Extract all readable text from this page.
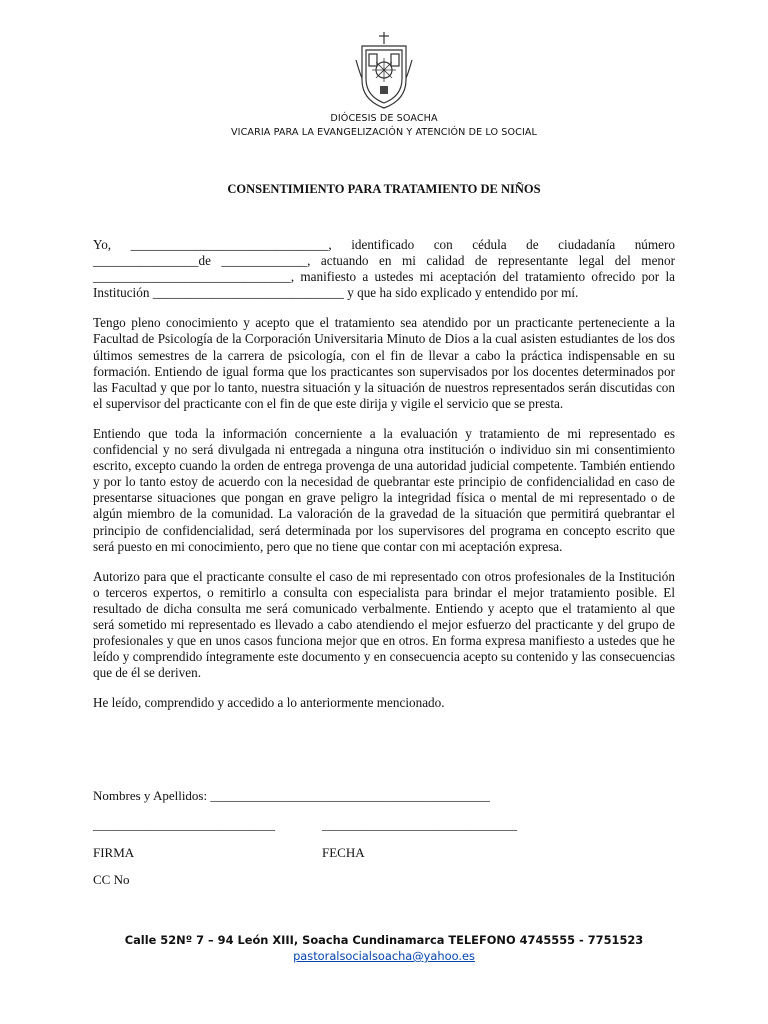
DIÓCESIS DE SOACHA
VICARIA PARA LA EVANGELIZACIÓN Y ATENCIÓN DE LO SOCIAL
CONSENTIMIENTO PARA TRATAMIENTO DE NIÑOS

Yo, ______________________________, identificado con cédula de ciudadanía número ________________de _____________, actuando en mi calidad de representante legal del menor ______________________________, manifiesto a ustedes mi aceptación del tratamiento ofrecido por la Institución _____________________________ y que ha sido explicado y entendido por mí.

Tengo pleno conocimiento y acepto que el tratamiento sea atendido por un practicante perteneciente a la Facultad de Psicología de la Corporación Universitaria Minuto de Dios a la cual asisten estudiantes de los dos últimos semestres de la carrera de psicología, con el fin de llevar a cabo la práctica indispensable en su formación. Entiendo de igual forma que los practicantes son supervisados por los docentes determinados por las Facultad y que por lo tanto, nuestra situación y la situación de nuestros representados serán discutidas con el supervisor del practicante con el fin de que este dirija y vigile el servicio que se presta.

Entiendo que toda la información concerniente a la evaluación y tratamiento de mi representado es confidencial y no será divulgada ni entregada a ninguna otra institución o individuo sin mi consentimiento escrito, excepto cuando la orden de entrega provenga de una autoridad judicial competente. También entiendo y por lo tanto estoy de acuerdo con la necesidad de quebrantar este principio de confidencialidad en caso de presentarse situaciones que pongan en grave peligro la integridad física o mental de mi representado o de algún miembro de la comunidad. La valoración de la gravedad de la situación que permitirá quebrantar el principio de confidencialidad, será determinada por los supervisores del programa en concepto escrito que será puesto en mi conocimiento, pero que no tiene que contar con mi aceptación expresa.

Autorizo para que el practicante consulte el caso de mi representado con otros profesionales de la Institución o terceros expertos, o remitirlo a consulta con especialista para brindar el mejor tratamiento posible. El resultado de dicha consulta me será comunicado verbalmente. Entiendo y acepto que el tratamiento al que será sometido mi representado es llevado a cabo atendiendo el mejor esfuerzo del practicante y del grupo de profesionales y que en unos casos funciona mejor que en otros. En forma expresa manifiesto a ustedes que he leído y comprendido íntegramente este documento y en consecuencia acepto su contenido y las consecuencias que de él se deriven.

He leído, comprendido y accedido a lo anteriormente mencionado.

Nombres y Apellidos: ___________________________________________
____________________________	______________________________
FIRMA	FECHA
CC No
Calle 52Nº 7 – 94 León XIII, Soacha Cundinamarca TELEFONO 4745555 - 7751523
pastoralsocialsoacha@yahoo.es
